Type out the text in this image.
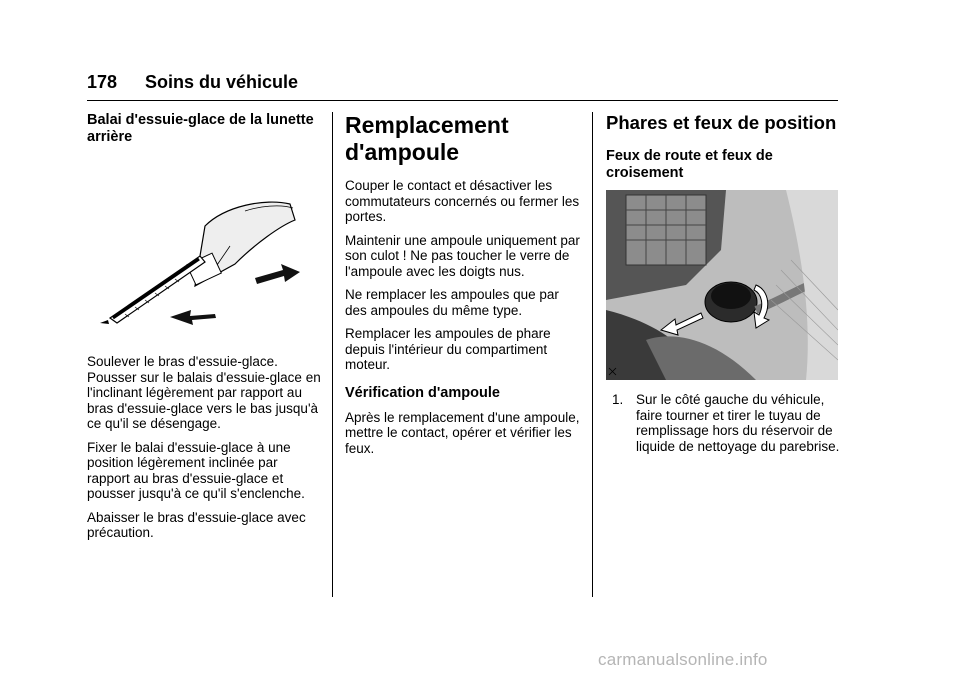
178 Soins du véhicule
Balai d'essuie-glace de la lunette arrière

Soulever le bras d'essuie-glace. Pousser sur le balais d'essuie-glace en l'inclinant légèrement par rapport au bras d'essuie-glace vers le bas jusqu'à ce qu'il se désengage.

Fixer le balai d'essuie-glace à une position légèrement inclinée par rapport au bras d'essuie-glace et pousser jusqu'à ce qu'il s'enclenche.

Abaisser le bras d'essuie-glace avec précaution.

Remplacement d'ampoule

Couper le contact et désactiver les commutateurs concernés ou fermer les portes.

Maintenir une ampoule uniquement par son culot ! Ne pas toucher le verre de l'ampoule avec les doigts nus.

Ne remplacer les ampoules que par des ampoules du même type.

Remplacer les ampoules de phare depuis l'intérieur du compartiment moteur.

Vérification d'ampoule

Après le remplacement d'une ampoule, mettre le contact, opérer et vérifier les feux.

Phares et feux de position
Feux de route et feux de croisement
1. Sur le côté gauche du véhicule, faire tourner et tirer le tuyau de remplissage hors du réservoir de liquide de nettoyage du parebrise.
carmanualsonline.info
